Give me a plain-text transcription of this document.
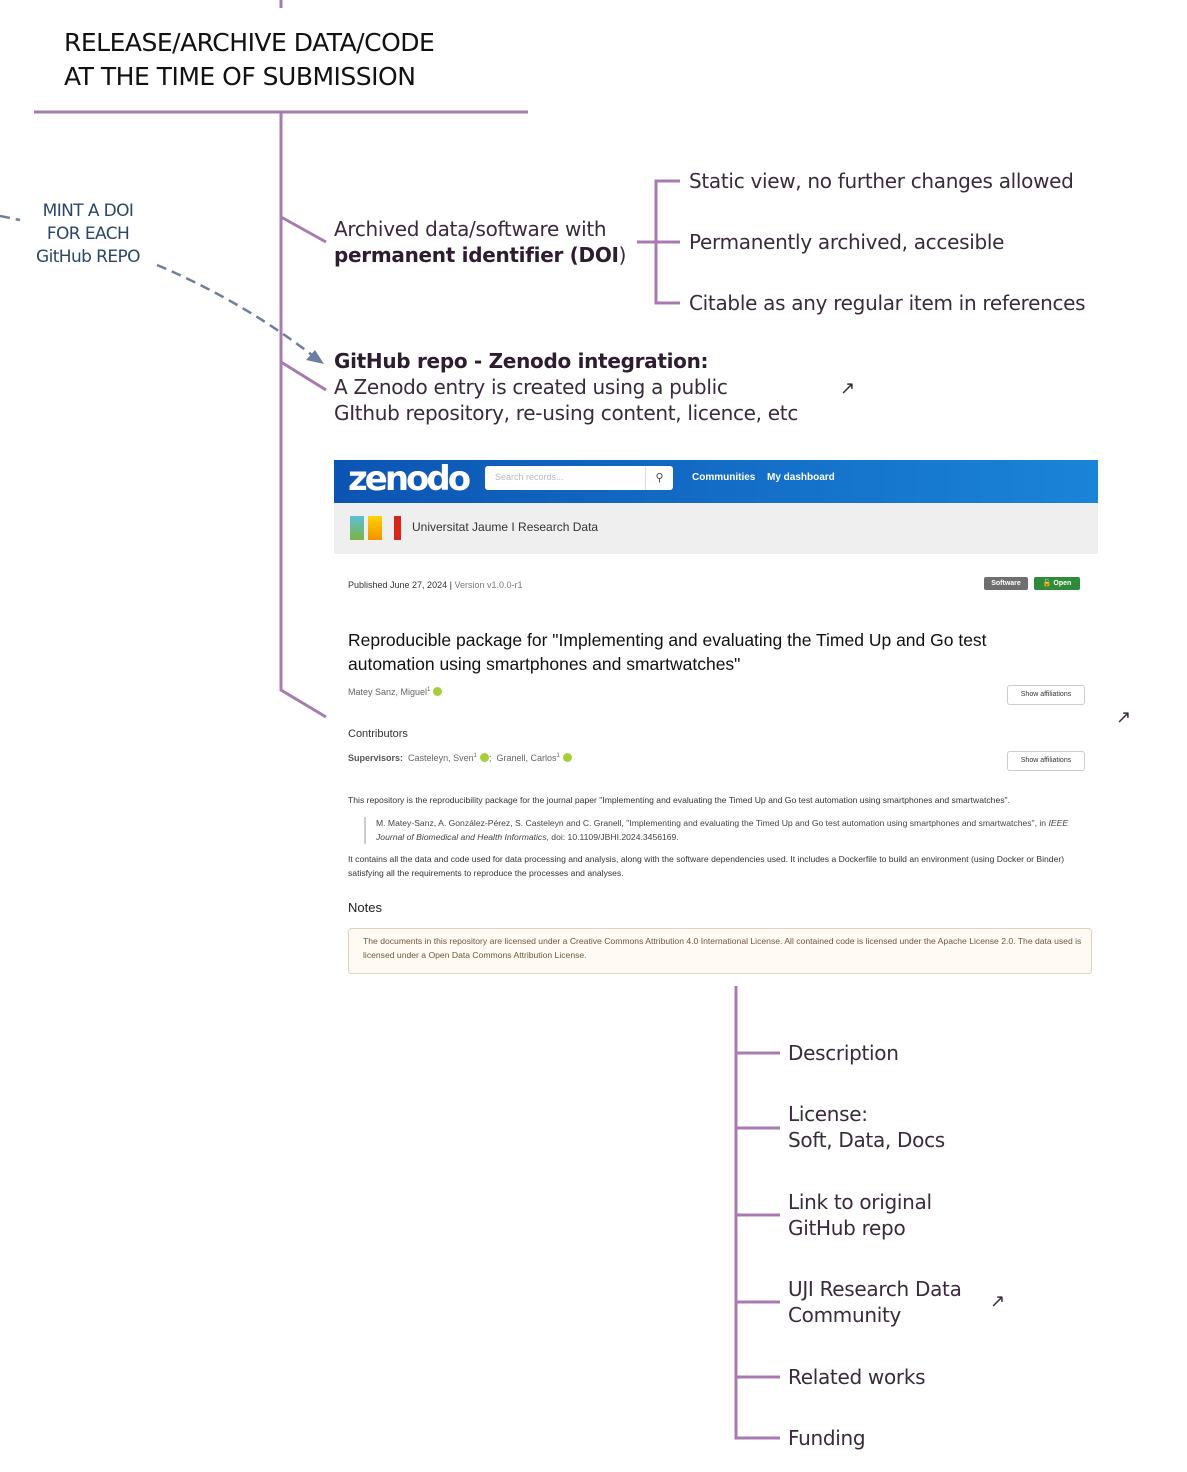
RELEASE/ARCHIVE DATA/CODE
AT THE TIME OF SUBMISSION
MINT A DOI
FOR EACH
GitHub REPO
Archived data/software with
permanent identifier (DOI)
Static view, no further changes allowed
Permanently archived, accesible
Citable as any regular item in references
GitHub repo - Zenodo integration:
A Zenodo entry is created using a public
GIthub repository, re-using content, licence, etc
↗
↗
zenodo	Search records...	⚲	Communities My dashboard
Universitat Jaume I Research Data
Published June 27, 2024 | Version v1.0.0-r1	Software	🔓 Open
Reproducible package for "Implementing and evaluating the Timed Up and Go test automation using smartphones and smartwatches"
Matey Sanz, Miguel$^1$
Show affiliations
Contributors
Supervisors: Casteleyn, Sven$^1$ ;  Granell, Carlos$^1$
Show affiliations
This repository is the reproducibility package for the journal paper "Implementing and evaluating the Timed Up and Go test automation using smartphones and smartwatches".
M. Matey-Sanz, A. González-Pérez, S. Casteleyn and C. Granell, "Implementing and evaluating the Timed Up and Go test automation using smartphones and smartwatches", in IEEE Journal of Biomedical and Health Informatics, doi: 10.1109/JBHI.2024.3456169.
It contains all the data and code used for data processing and analysis, along with the software dependencies used. It includes a Dockerfile to build an environment (using Docker or Binder) satisfying all the requirements to reproduce the processes and analyses.
Notes
The documents in this repository are licensed under a Creative Commons Attribution 4.0 International License. All contained code is licensed under the Apache License 2.0. The data used is licensed under a Open Data Commons Attribution License.
Description
License:
Soft, Data, Docs
Link to original
GitHub repo
UJI Research Data
Community
↗
Related works
Funding
